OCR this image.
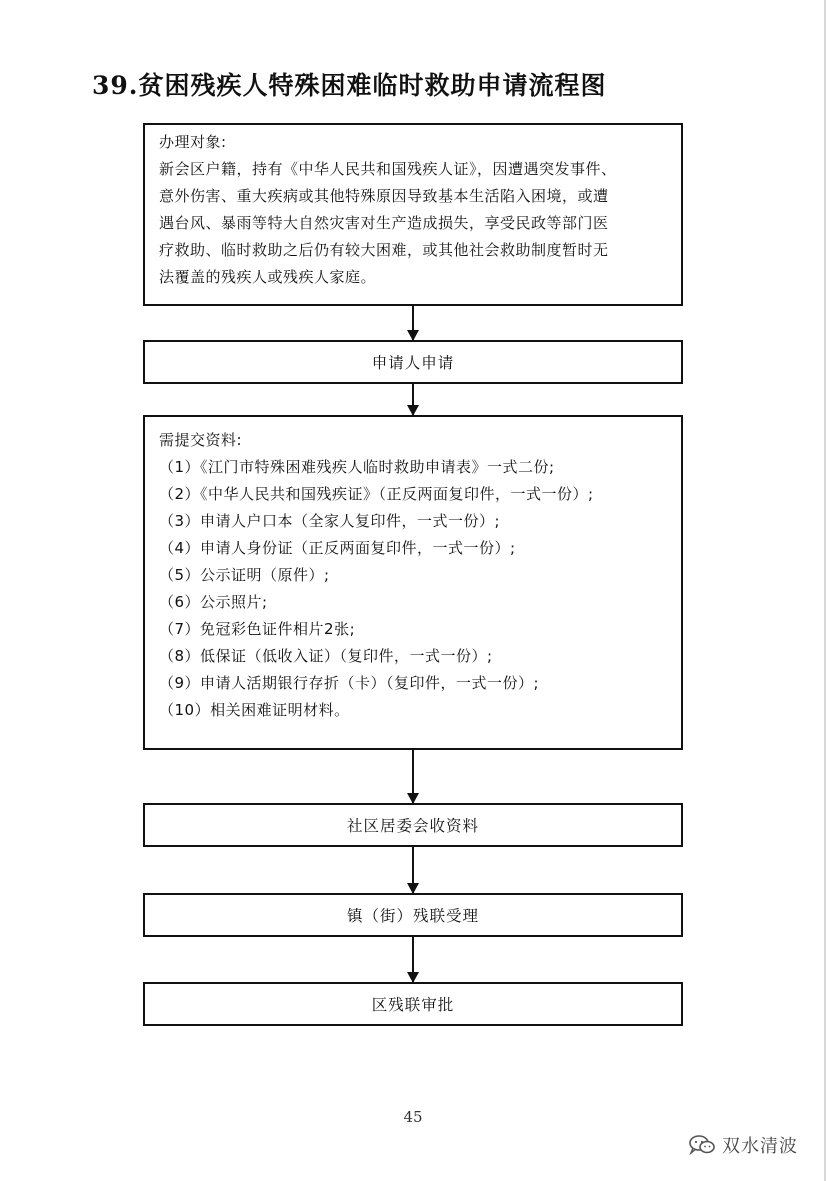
39.贫困残疾人特殊困难临时救助申请流程图
办理对象:
新会区户籍，持有《中华人民共和国残疾人证》，因遭遇突发事件、
意外伤害、重大疾病或其他特殊原因导致基本生活陷入困境，或遭
遇台风、暴雨等特大自然灾害对生产造成损失，享受民政等部门医
疗救助、临时救助之后仍有较大困难，或其他社会救助制度暂时无
法覆盖的残疾人或残疾人家庭。
申请人申请
需提交资料:
（1）《江门市特殊困难残疾人临时救助申请表》一式二份;
（2）《中华人民共和国残疾证》（正反两面复印件，一式一份）;
（3）申请人户口本（全家人复印件，一式一份）;
（4）申请人身份证（正反两面复印件，一式一份）;
（5）公示证明（原件）;
（6）公示照片;
（7）免冠彩色证件相片2张;
（8）低保证（低收入证）（复印件，一式一份）;
（9）申请人活期银行存折（卡）（复印件，一式一份）;
（10）相关困难证明材料。
社区居委会收资料
镇（街）残联受理
区残联审批
45
双水清波
